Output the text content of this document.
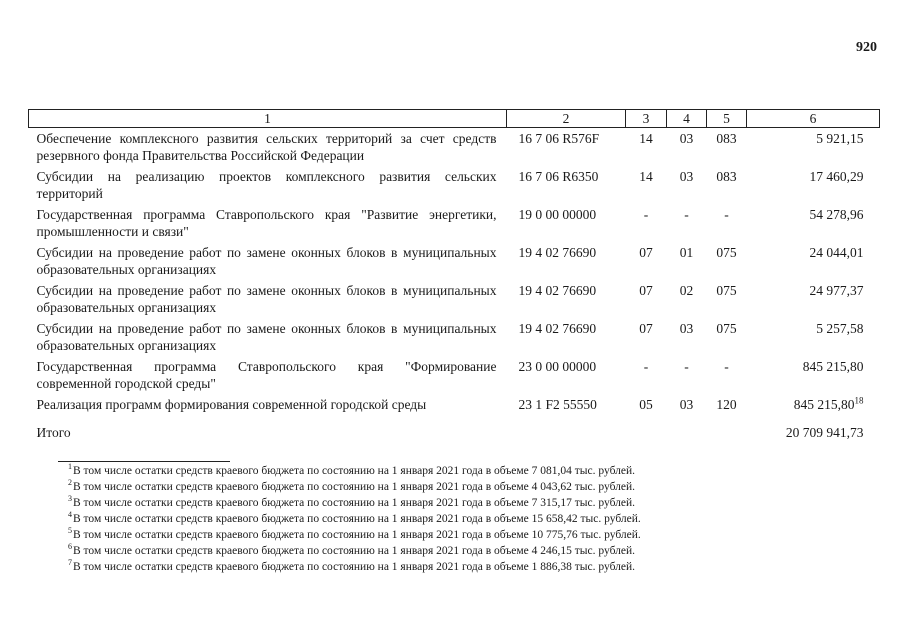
920
1	2	3	4	5	6
Обеспечение комплексного развития сельских территорий за счет средств резервного фонда Правительства Российской Федерации	16 7 06 R576F	14	03	083	5 921,15
Субсидии на реализацию проектов комплексного развития сельских территорий	16 7 06 R6350	14	03	083	17 460,29
Государственная программа Ставропольского края "Развитие энергетики, промышленности и связи"	19 0 00 00000	-	-	-	54 278,96
Субсидии на проведение работ по замене оконных блоков в муниципальных образовательных организациях	19 4 02 76690	07	01	075	24 044,01
Субсидии на проведение работ по замене оконных блоков в муниципальных образовательных организациях	19 4 02 76690	07	02	075	24 977,37
Субсидии на проведение работ по замене оконных блоков в муниципальных образовательных организациях	19 4 02 76690	07	03	075	5 257,58
Государственная программа Ставропольского края "Формирование современной городской среды"	23 0 00 00000	-	-	-	845 215,80
Реализация программ формирования современной городской среды	23 1 F2 55550	05	03	120	845 215,80$^{18}$
Итого					20 709 941,73
$^1$В том числе остатки средств краевого бюджета по состоянию на 1 января 2021 года в объеме 7 081,04 тыс. рублей.
$^2$В том числе остатки средств краевого бюджета по состоянию на 1 января 2021 года в объеме 4 043,62 тыс. рублей.
$^3$В том числе остатки средств краевого бюджета по состоянию на 1 января 2021 года в объеме 7 315,17 тыс. рублей.
$^4$В том числе остатки средств краевого бюджета по состоянию на 1 января 2021 года в объеме 15 658,42 тыс. рублей.
$^5$В том числе остатки средств краевого бюджета по состоянию на 1 января 2021 года в объеме 10 775,76 тыс. рублей.
$^6$В том числе остатки средств краевого бюджета по состоянию на 1 января 2021 года в объеме 4 246,15 тыс. рублей.
$^7$В том числе остатки средств краевого бюджета по состоянию на 1 января 2021 года в объеме 1 886,38 тыс. рублей.
